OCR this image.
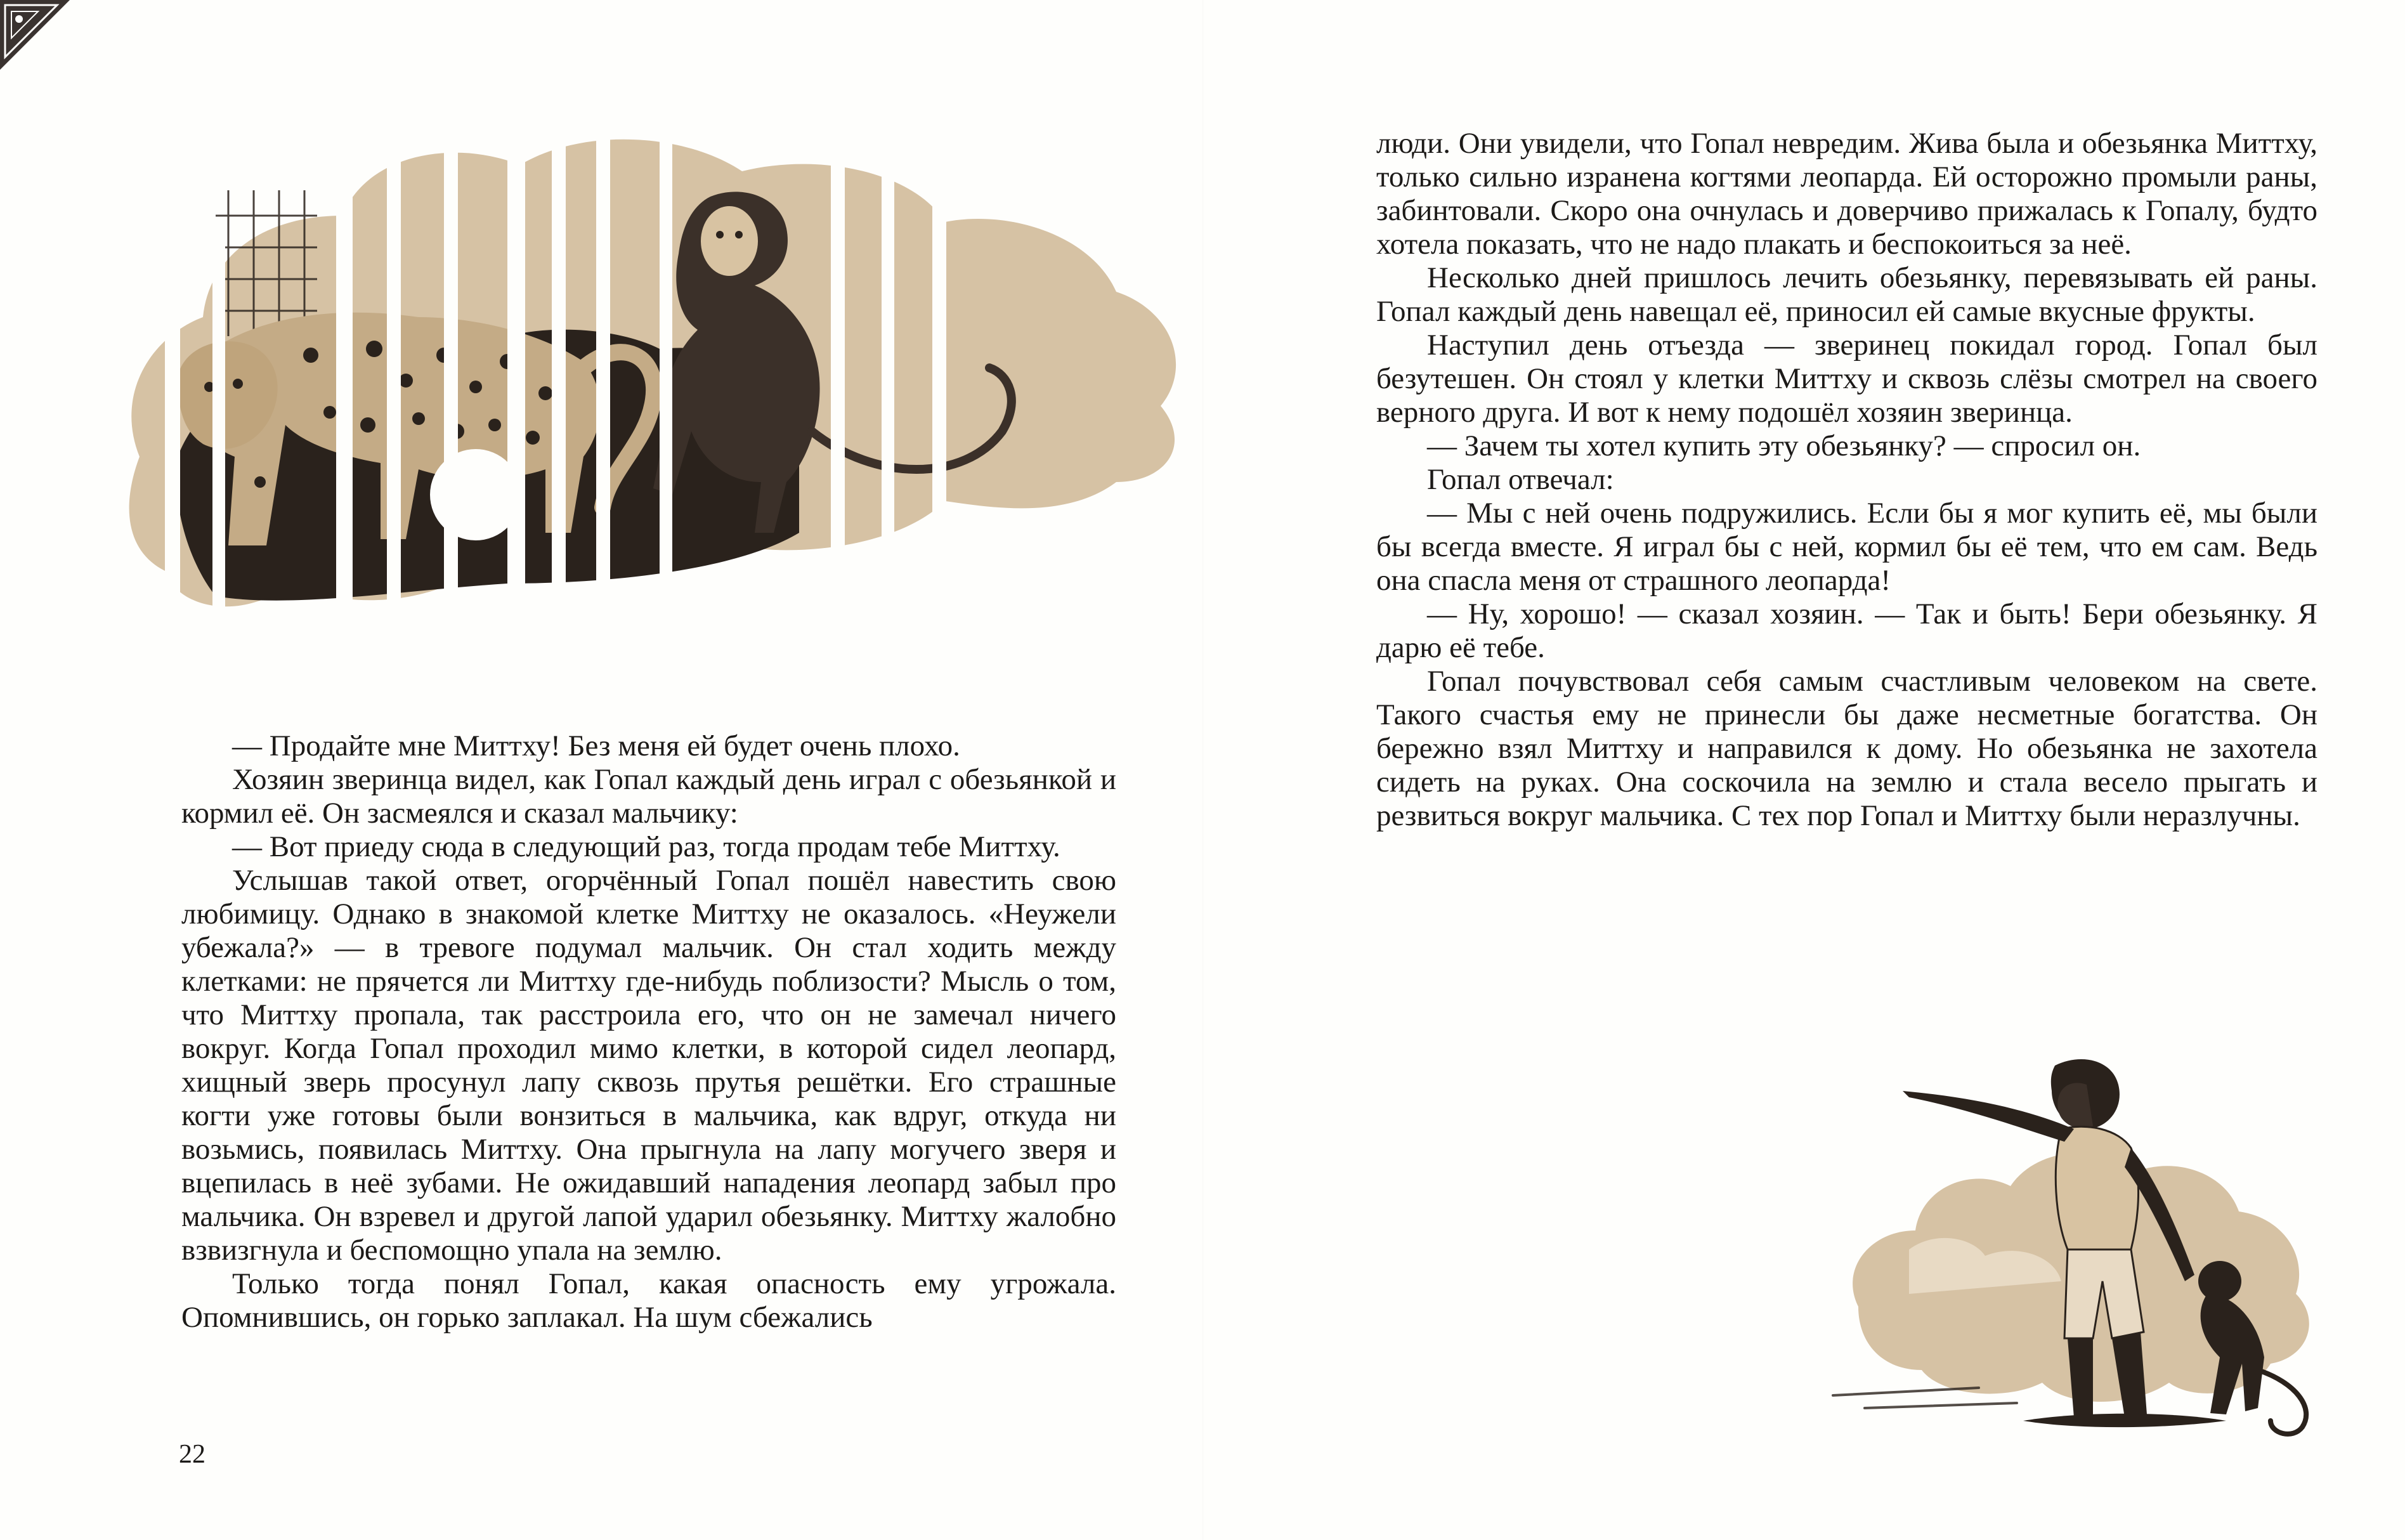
— Продайте мне Миттху! Без меня ей будет очень плохо.

Хозяин зверинца видел, как Гопал каждый день играл с обезьянкой и кормил её. Он засмеялся и сказал мальчику:

— Вот приеду сюда в следующий раз, тогда продам тебе Миттху.

Услышав такой ответ, огорчённый Гопал пошёл навестить свою любимицу. Однако в знакомой клетке Миттху не оказалось. «Неужели убежала?» — в тревоге подумал мальчик. Он стал ходить между клетками: не прячется ли Миттху где-нибудь поблизости? Мысль о том, что Миттху пропала, так расстроила его, что он не замечал ничего вокруг. Когда Гопал проходил мимо клетки, в которой сидел леопард, хищный зверь просунул лапу сквозь прутья решётки. Его страшные когти уже готовы были вонзиться в мальчика, как вдруг, откуда ни возьмись, появилась Миттху. Она прыгнула на лапу могучего зверя и вцепилась в неё зубами. Не ожидавший нападения леопард забыл про мальчика. Он взревел и другой лапой ударил обезьянку. Миттху жалобно взвизгнула и беспомощно упала на землю.

Только тогда понял Гопал, какая опасность ему угрожала. Опомнившись, он горько заплакал. На шум сбежались

22

люди. Они увидели, что Гопал невредим. Жива была и обезьянка Миттху, только сильно изранена когтями леопарда. Ей осторожно промыли раны, забинтовали. Скоро она очнулась и доверчиво прижалась к Гопалу, будто хотела показать, что не надо плакать и беспокоиться за неё.

Несколько дней пришлось лечить обезьянку, перевязывать ей раны. Гопал каждый день навещал её, приносил ей самые вкусные фрукты.

Наступил день отъезда — зверинец покидал город. Гопал был безутешен. Он стоял у клетки Миттху и сквозь слёзы смотрел на своего верного друга. И вот к нему подошёл хозяин зверинца.

— Зачем ты хотел купить эту обезьянку? — спросил он.

Гопал отвечал:

— Мы с ней очень подружились. Если бы я мог купить её, мы были бы всегда вместе. Я играл бы с ней, кормил бы её тем, что ем сам. Ведь она спасла меня от страшного леопарда!

— Ну, хорошо! — сказал хозяин. — Так и быть! Бери обезьянку. Я дарю её тебе.

Гопал почувствовал себя самым счастливым человеком на свете. Такого счастья ему не принесли бы даже несметные богатства. Он бережно взял Миттху и направился к дому. Но обезьянка не захотела сидеть на руках. Она соскочила на землю и стала весело прыгать и резвиться вокруг мальчика. С тех пор Гопал и Миттху были неразлучны.
